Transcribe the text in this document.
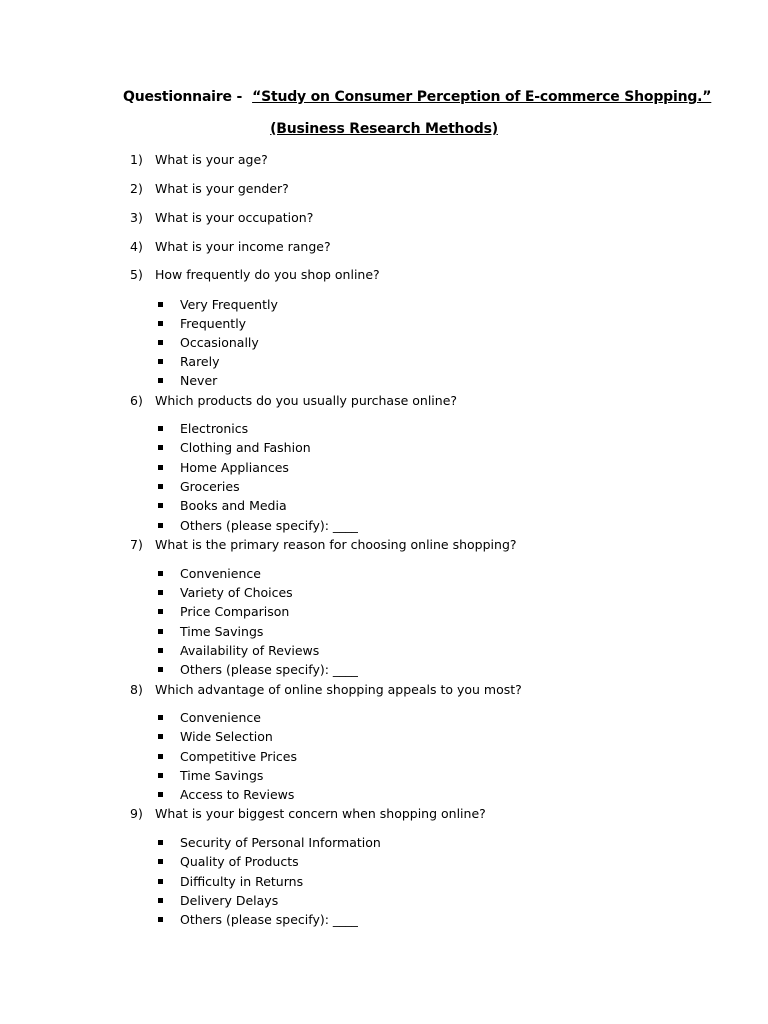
Questionnaire - “Study on Consumer Perception of E-commerce Shopping.”
(Business Research Methods)
1) What is your age?
2) What is your gender?
3) What is your occupation?
4) What is your income range?
5) How frequently do you shop online?
Very Frequently
Frequently
Occasionally
Rarely
Never
6) Which products do you usually purchase online?
Electronics
Clothing and Fashion
Home Appliances
Groceries
Books and Media
Others (please specify): ____
7) What is the primary reason for choosing online shopping?
Convenience
Variety of Choices
Price Comparison
Time Savings
Availability of Reviews
Others (please specify): ____
8) Which advantage of online shopping appeals to you most?
Convenience
Wide Selection
Competitive Prices
Time Savings
Access to Reviews
9) What is your biggest concern when shopping online?
Security of Personal Information
Quality of Products
Difficulty in Returns
Delivery Delays
Others (please specify): ____
